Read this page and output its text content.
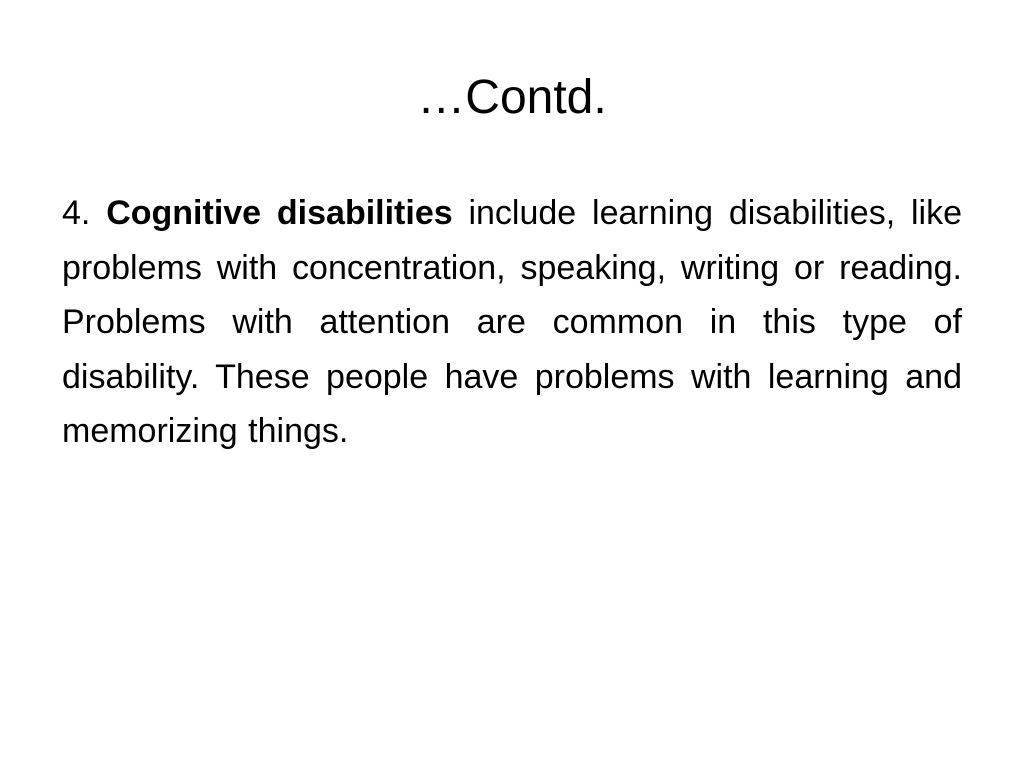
…Contd.

4. Cognitive disabilities include learning disabilities, like problems with concentration, speaking, writing or reading. Problems with attention are common in this type of disability. These people have problems with learning and memorizing things.
